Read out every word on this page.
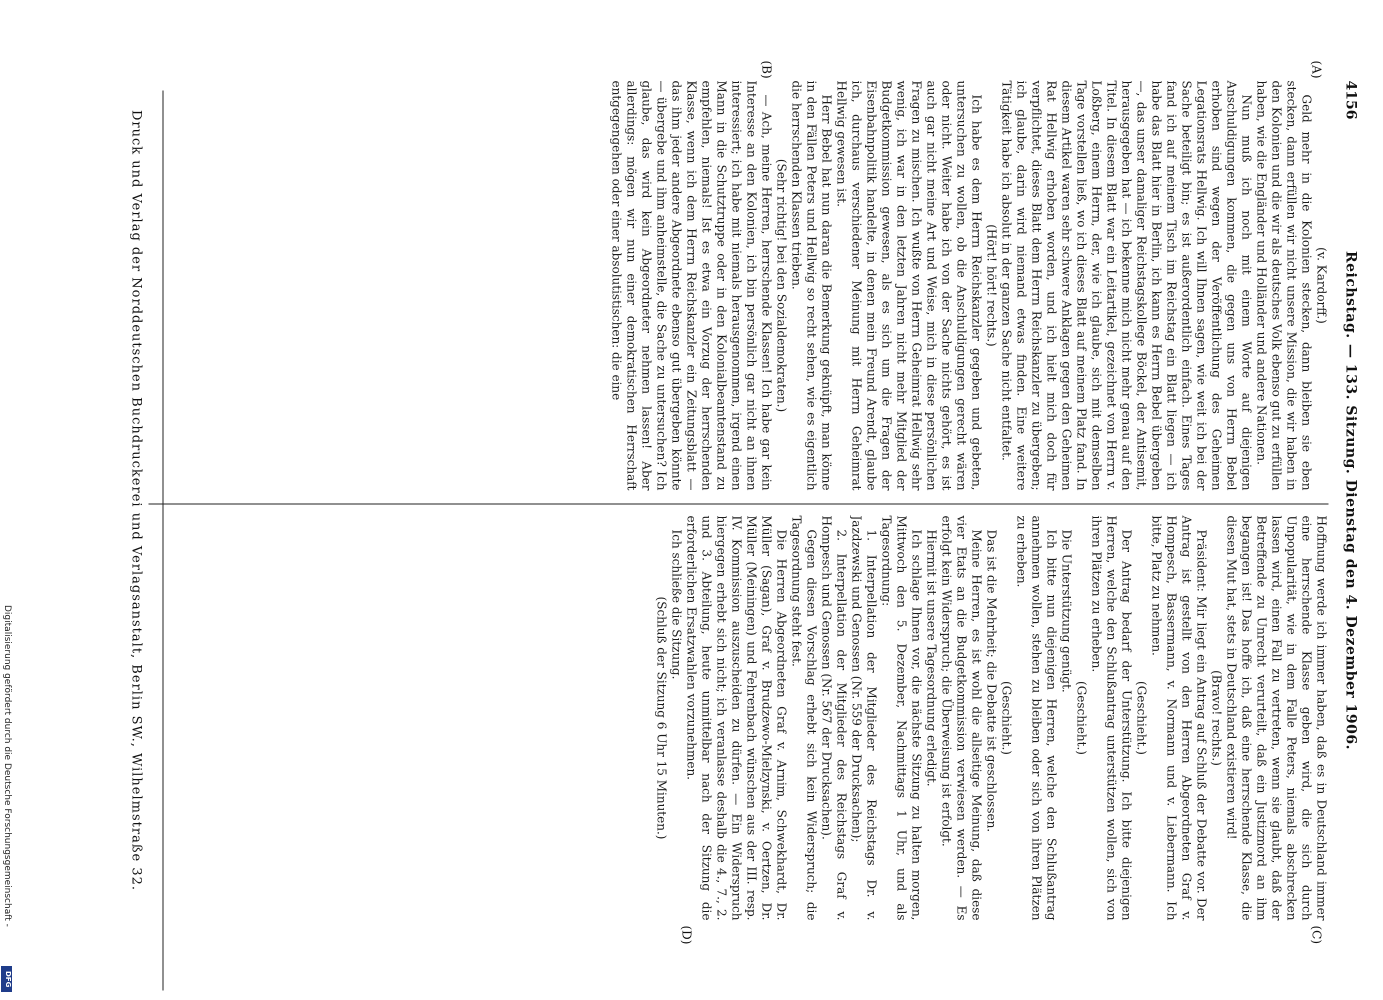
4156
Reichstag. — 133. Sitzung. Dienstag den 4. Dezember 1906.
(A)
(B)
(C)
(D)

(v. Kardorff.)

Geld mehr in die Kolonien stecken, dann bleiben sie eben stecken, dann erfüllen wir nicht unsere Mission, die wir haben in den Kolonien und die wir als deutsches Volk ebenso gut zu erfüllen haben, wie die Engländer und Holländer und andere Nationen.

Nun muß ich noch mit einem Worte auf diejenigen Anschuldigungen kommen, die gegen uns von Herrn Bebel erhoben sind wegen der Veröffentlichung des Geheimen Legationsrats Hellwig. Ich will Ihnen sagen, wie weit ich bei der Sache beteiligt bin; es ist außerordentlich einfach. Eines Tages fand ich auf meinem Tisch im Reichstag ein Blatt liegen — ich habe das Blatt hier in Berlin, ich kann es Herrn Bebel übergeben —, das unser damaliger Reichstagskollege Böckel, der Antisemit, herausgegeben hat — ich bekenne mich nicht mehr genau auf den Titel. In diesem Blatt war ein Leitartikel, gezeichnet von Herrn v. Loßberg, einem Herrn, der, wie ich glaube, sich mit demselben Tage vorstellen ließ, wo ich dieses Blatt auf meinem Platz fand. In diesem Artikel waren sehr schwere Anklagen gegen den Geheimen Rat Hellwig erhoben worden, und ich hielt mich doch für verpflichtet, dieses Blatt dem Herrn Reichskanzler zu übergeben; ich glaube, darin wird niemand etwas finden. Eine weitere Tätigkeit habe ich absolut in der ganzen Sache nicht entfaltet.

(Hört! hört! rechts.)

Ich habe es dem Herrn Reichskanzler gegeben und gebeten, untersuchen zu wollen, ob die Anschuldigungen gerecht wären oder nicht. Weiter habe ich von der Sache nichts gehört, es ist auch gar nicht meine Art und Weise, mich in diese persönlichen Fragen zu mischen. Ich wußte von Herrn Geheimrat Hellwig sehr wenig, ich war in den letzten Jahren nicht mehr Mitglied der Budgetkommission gewesen, als es sich um die Fragen der Eisenbahnpolitik handelte, in denen mein Freund Arendt, glaube ich, durchaus verschiedener Meinung mit Herrn Geheimrat Hellwig gewesen ist.

Herr Bebel hat nun daran die Bemerkung geknüpft, man könne in den Fällen Peters und Hellwig so recht sehen, wie es eigentlich die herrschenden Klassen trieben.

(Sehr richtig! bei den Sozialdemokraten.)

— Ach, meine Herren, herrschende Klassen! Ich habe gar kein Interesse an den Kolonien, ich bin persönlich gar nicht an ihnen interessiert; ich habe mit niemals herausgenommen, irgend einen Mann in die Schutztruppe oder in den Kolonialbeamtenstand zu empfehlen, niemals! Ist es etwa ein Vorzug der herrschenden Klasse, wenn ich dem Herrn Reichskanzler ein Zeitungsblatt — das ihm jeder andere Abgeordnete ebenso gut übergeben könnte — übergebe und ihm anheimstelle, die Sache zu untersuchen? Ich glaube, das wird kein Abgeordneter nehmen lassen! Aber allerdings: mögen wir nun einer demokratischen Herrschaft entgegengehen oder einer absolutistischen: die eine

Hoffnung werde ich immer haben, daß es in Deutschland immer eine herrschende Klasse geben wird, die sich durch Unpopularität, wie in dem Falle Peters, niemals abschrecken lassen wird, einen Fall zu vertreten, wenn sie glaubt, daß der Betreffende zu Unrecht verurteilt, daß ein Justizmord an ihm begangen ist! Das hoffe ich, daß eine herrschende Klasse, die diesen Mut hat, stets in Deutschland existieren wird!

(Bravo! rechts.)

Präsident: Mir liegt ein Antrag auf Schluß der Debatte vor. Der Antrag ist gestellt von den Herren Abgeordneten Graf v. Hompesch, Bassermann, v. Normann und v. Liebermann. Ich bitte, Platz zu nehmen.

(Geschieht.)

Der Antrag bedarf der Unterstützung. Ich bitte diejenigen Herren, welche den Schlußantrag unterstützen wollen, sich von ihren Plätzen zu erheben.

(Geschieht.)

Die Unterstützung genügt.

Ich bitte nun diejenigen Herren, welche den Schlußantrag annehmen wollen, stehen zu bleiben oder sich von ihren Plätzen zu erheben.

(Geschieht.)

Das ist die Mehrheit; die Debatte ist geschlossen.

Meine Herren, es ist wohl die allseitige Meinung, daß diese vier Etats an die Budgetkommission verwiesen werden. — Es erfolgt kein Widerspruch; die Überweisung ist erfolgt.

Hiermit ist unsere Tagesordnung erledigt.

Ich schlage Ihnen vor, die nächste Sitzung zu halten morgen, Mittwoch den 5. Dezember, Nachmittags 1 Uhr, und als Tagesordnung:

1. Interpellation der Mitglieder des Reichstags Dr. v. Jazdzewski und Genossen (Nr. 559 der Drucksachen);

2. Interpellation der Mitglieder des Reichstags Graf v. Hompesch und Genossen (Nr. 567 der Drucksachen).

Gegen diesen Vorschlag erhebt sich kein Widerspruch; die Tagesordnung steht fest.

Die Herren Abgeordneten Graf v. Arnim, Schwekhardt, Dr. Müller (Sagan), Graf v. Brudzewo-Mielzynski, v. Oertzen, Dr. Müller (Meiningen) und Fehrenbach wünschen aus der III. resp. IV. Kommission auszuscheiden zu dürfen. — Ein Widerspruch hiergegen erhebt sich nicht; ich veranlasse deshalb die 4., 7., 2. und 3. Abteilung, heute unmittelbar nach der Sitzung die erforderlichen Ersatzwahlen vorzunehmen.

Ich schließe die Sitzung.

(Schluß der Sitzung 6 Uhr 15 Minuten.)

Druck und Verlag der Norddeutschen Buchdruckerei und Verlagsanstalt, Berlin SW., Wilhelmstraße 32.
Digitalisierung gefördert durch die Deutsche Forschungsgemeinschaft -
DFG
